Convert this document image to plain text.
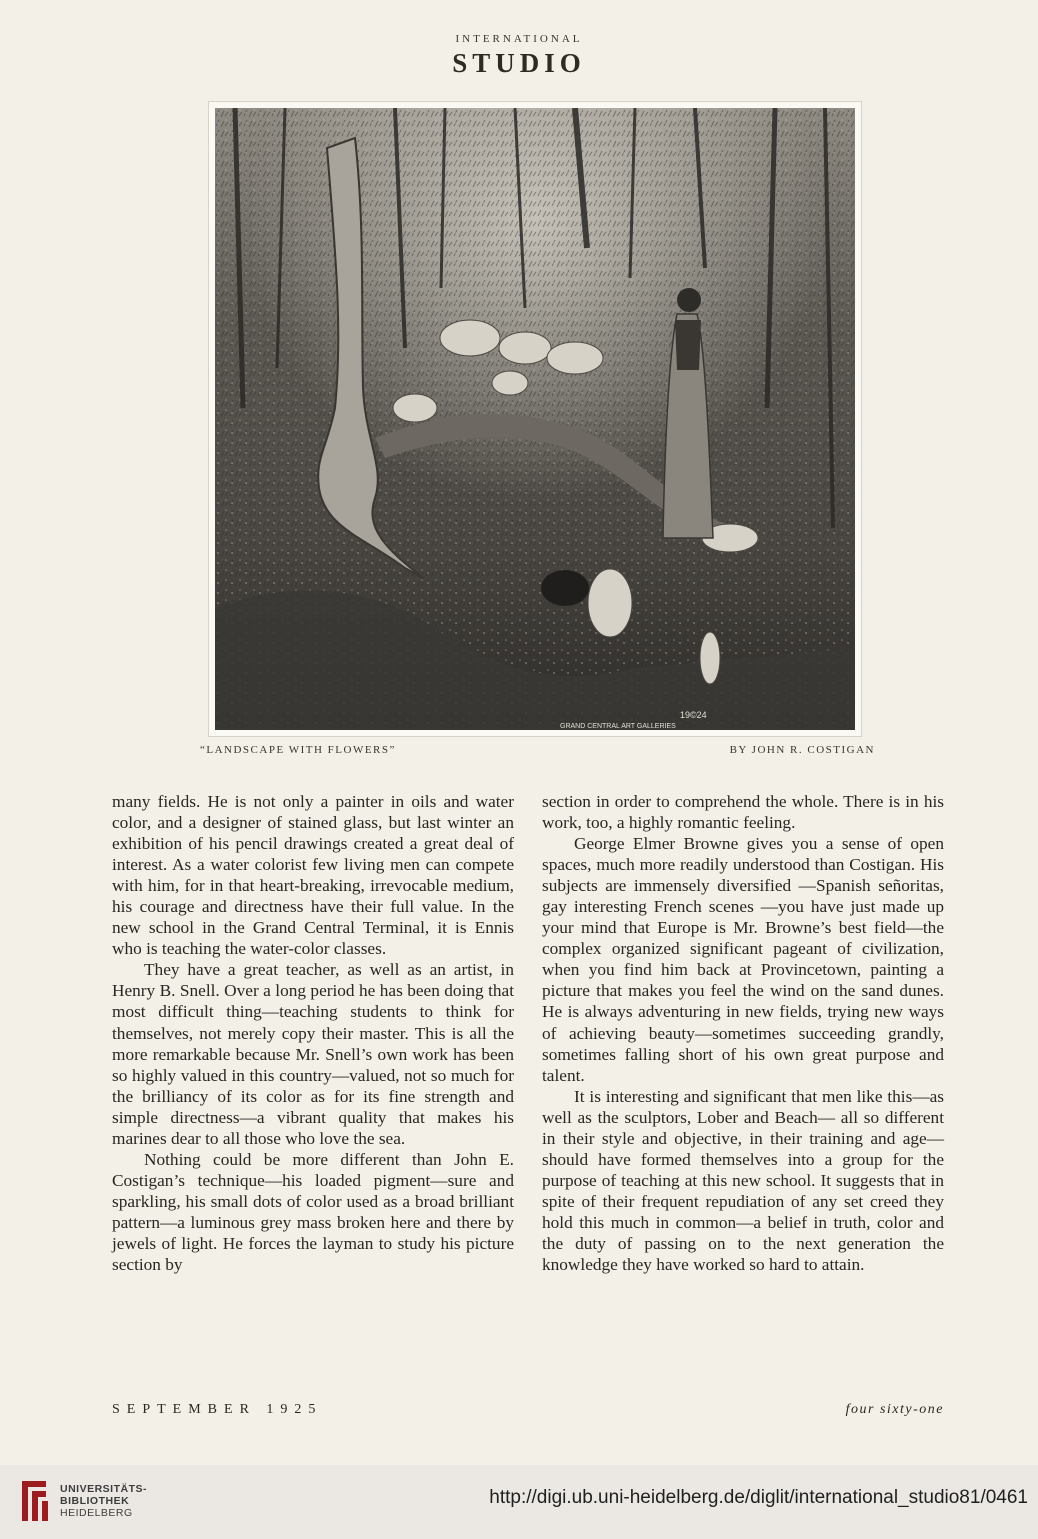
international
STUDIO
19©24
GRAND CENTRAL ART GALLERIES
“LANDSCAPE WITH FLOWERS”	BY JOHN R. COSTIGAN

many fields. He is not only a painter in oils and water color, and a designer of stained glass, but last winter an exhibition of his pencil drawings created a great deal of interest. As a water colorist few living men can compete with him, for in that heart-breaking, irrevocable medium, his courage and directness have their full value. In the new school in the Grand Central Terminal, it is Ennis who is teaching the water-color classes.

They have a great teacher, as well as an artist, in Henry B. Snell. Over a long period he has been doing that most difficult thing—teaching students to think for themselves, not merely copy their master. This is all the more remarkable because Mr. Snell’s own work has been so highly valued in this country—valued, not so much for the brilliancy of its color as for its fine strength and simple directness—a vibrant quality that makes his marines dear to all those who love the sea.

Nothing could be more different than John E. Costigan’s technique—his loaded pigment—sure and sparkling, his small dots of color used as a broad brilliant pattern—a luminous grey mass broken here and there by jewels of light. He forces the layman to study his picture section by

section in order to comprehend the whole. There is in his work, too, a highly romantic feeling.

George Elmer Browne gives you a sense of open spaces, much more readily understood than Costigan. His subjects are immensely diversified —Spanish señoritas, gay interesting French scenes —you have just made up your mind that Europe is Mr. Browne’s best field—the complex organized significant pageant of civilization, when you find him back at Provincetown, painting a picture that makes you feel the wind on the sand dunes. He is always adventuring in new fields, trying new ways of achieving beauty—sometimes succeeding grandly, sometimes falling short of his own great purpose and talent.

It is interesting and significant that men like this—as well as the sculptors, Lober and Beach— all so different in their style and objective, in their training and age—should have formed themselves into a group for the purpose of teaching at this new school. It suggests that in spite of their frequent repudiation of any set creed they hold this much in common—a belief in truth, color and the duty of passing on to the next generation the knowledge they have worked so hard to attain.

SEPTEMBER 1925	four sixty-one
UNIVERSITÄTS-
BIBLIOTHEK
HEIDELBERG
http://digi.ub.uni-heidelberg.de/diglit/international_studio81/0461
